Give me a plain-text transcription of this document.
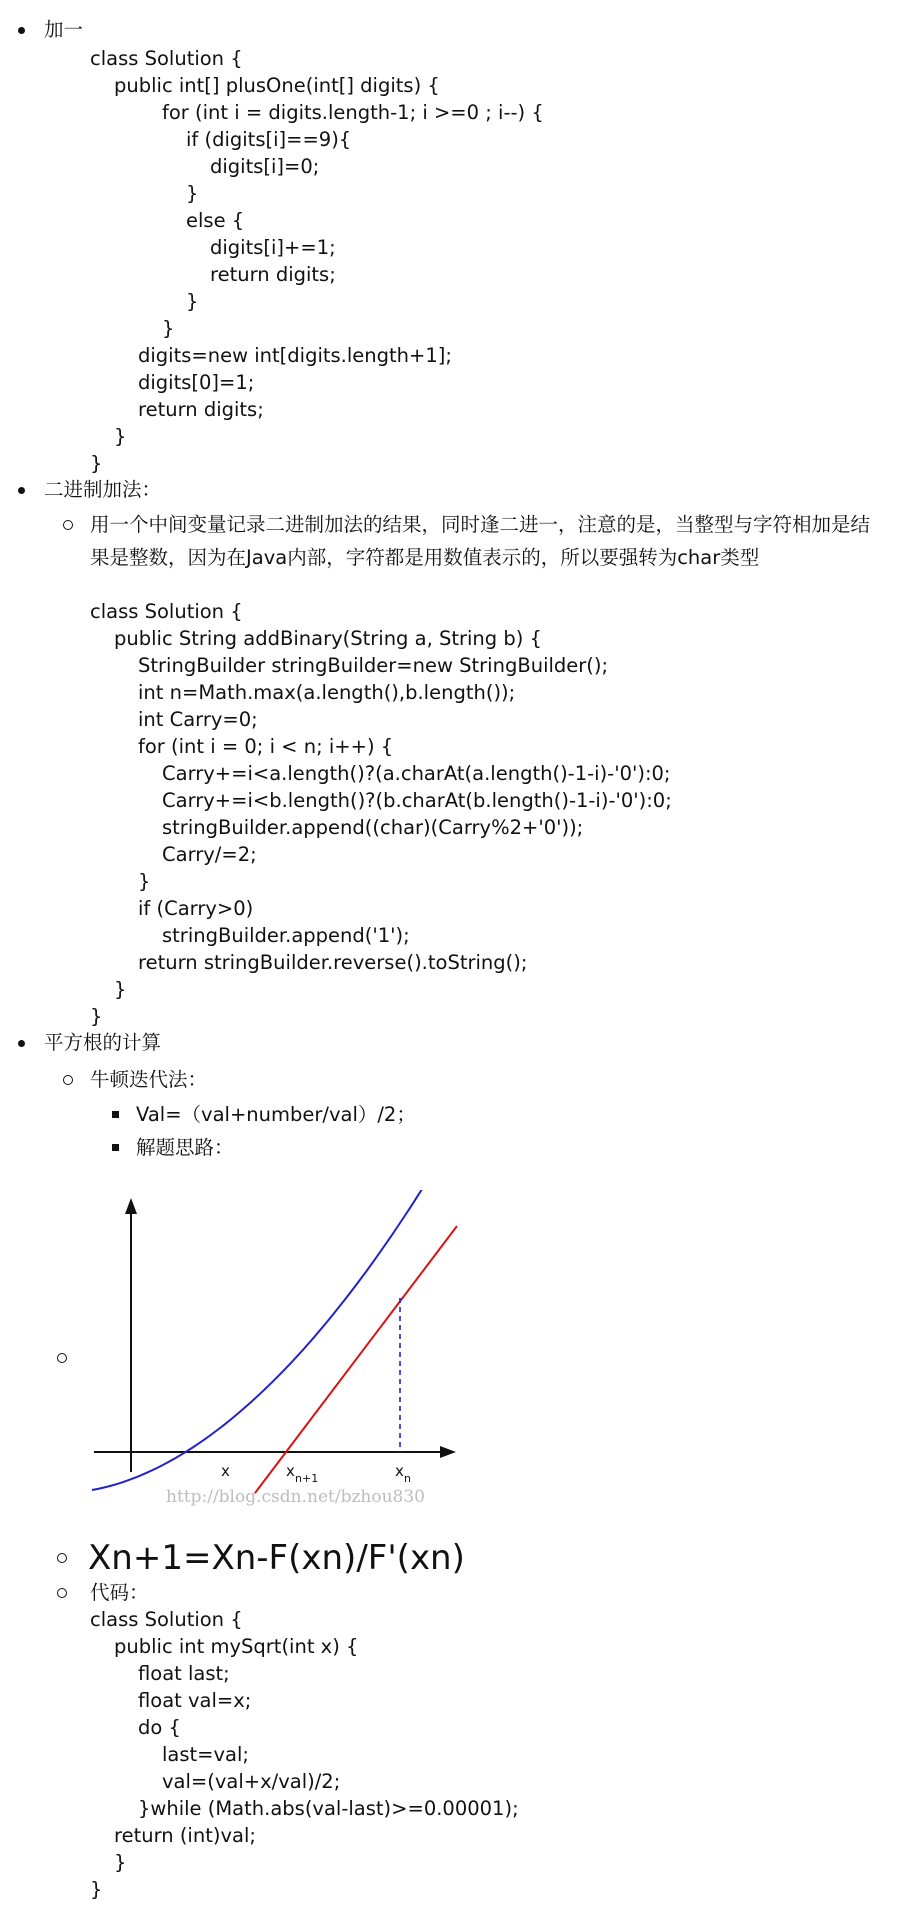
加一
class Solution {
public int[] plusOne(int[] digits) {
for (int i = digits.length-1; i >=0 ; i--) {
if (digits[i]==9){
digits[i]=0;
}
else {
digits[i]+=1;
return digits;
}
}
digits=new int[digits.length+1];
digits[0]=1;
return digits;
}
}
二进制加法：
用一个中间变量记录二进制加法的结果，同时逢二进一，注意的是，当整型与字符相加是结
果是整数，因为在Java内部，字符都是用数值表示的，所以要强转为char类型
class Solution {
public String addBinary(String a, String b) {
StringBuilder stringBuilder=new StringBuilder();
int n=Math.max(a.length(),b.length());
int Carry=0;
for (int i = 0; i < n; i++) {
Carry+=i<a.length()?(a.charAt(a.length()-1-i)-'0'):0;
Carry+=i<b.length()?(b.charAt(b.length()-1-i)-'0'):0;
stringBuilder.append((char)(Carry%2+'0'));
Carry/=2;
}
if (Carry>0)
stringBuilder.append('1');
return stringBuilder.reverse().toString();
}
}
平方根的计算
牛顿迭代法：
Val=（val+number/val）/2；
解题思路：
http://blog.csdn.net/bzhou830
x	x n+1	x n
Xn+1=Xn-F(xn)/F'(xn)
代码：
class Solution {
public int mySqrt(int x) {
float last;
float val=x;
do {
last=val;
val=(val+x/val)/2;
}while (Math.abs(val-last)>=0.00001);
return (int)val;
}
}
